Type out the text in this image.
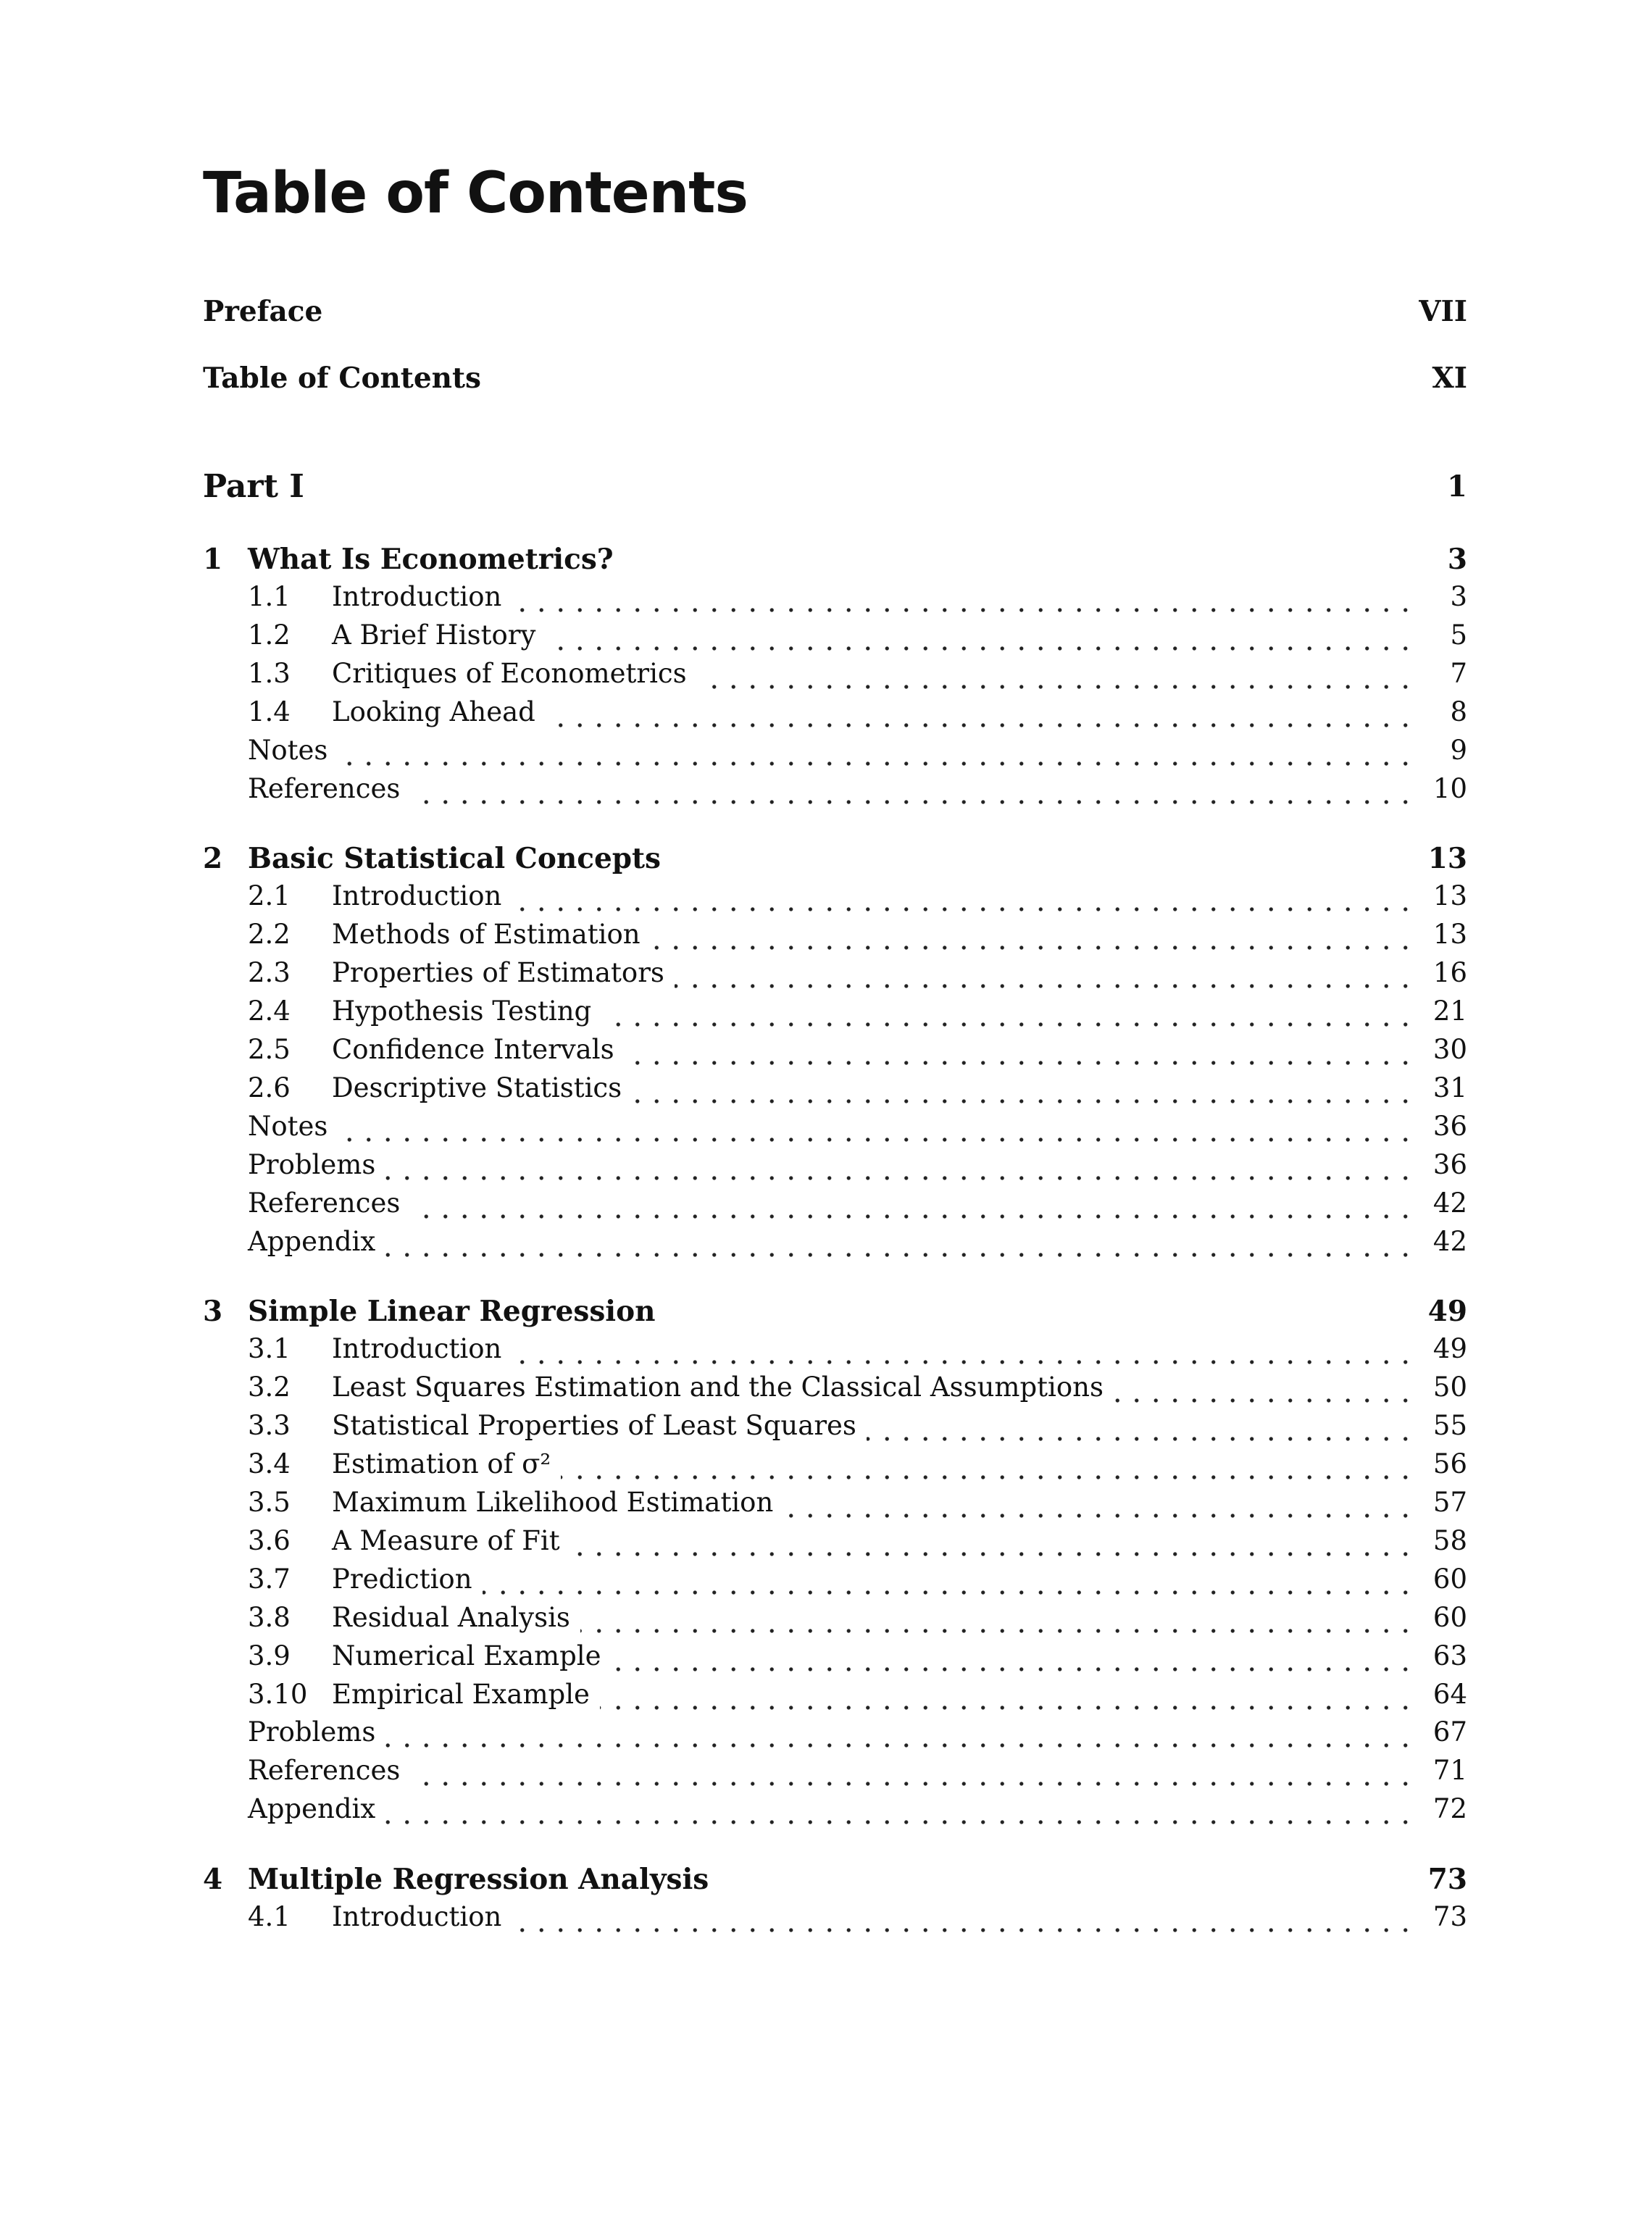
Table of Contents
Preface	VII
Table of Contents	XI
Part I	1
1 What Is Econometrics?	3
1.1 Introduction	3
1.2 A Brief History	5
1.3 Critiques of Econometrics	7
1.4 Looking Ahead	8
Notes	9
References	10
2 Basic Statistical Concepts	13
2.1 Introduction	13
2.2 Methods of Estimation	13
2.3 Properties of Estimators	16
2.4 Hypothesis Testing	21
2.5 Confidence Intervals	30
2.6 Descriptive Statistics	31
Notes	36
Problems	36
References	42
Appendix	42
3 Simple Linear Regression	49
3.1 Introduction	49
3.2 Least Squares Estimation and the Classical Assumptions	50
3.3 Statistical Properties of Least Squares	55
3.4 Estimation of σ²	56
3.5 Maximum Likelihood Estimation	57
3.6 A Measure of Fit	58
3.7 Prediction	60
3.8 Residual Analysis	60
3.9 Numerical Example	63
3.10 Empirical Example	64
Problems	67
References	71
Appendix	72
4 Multiple Regression Analysis	73
4.1 Introduction	73
